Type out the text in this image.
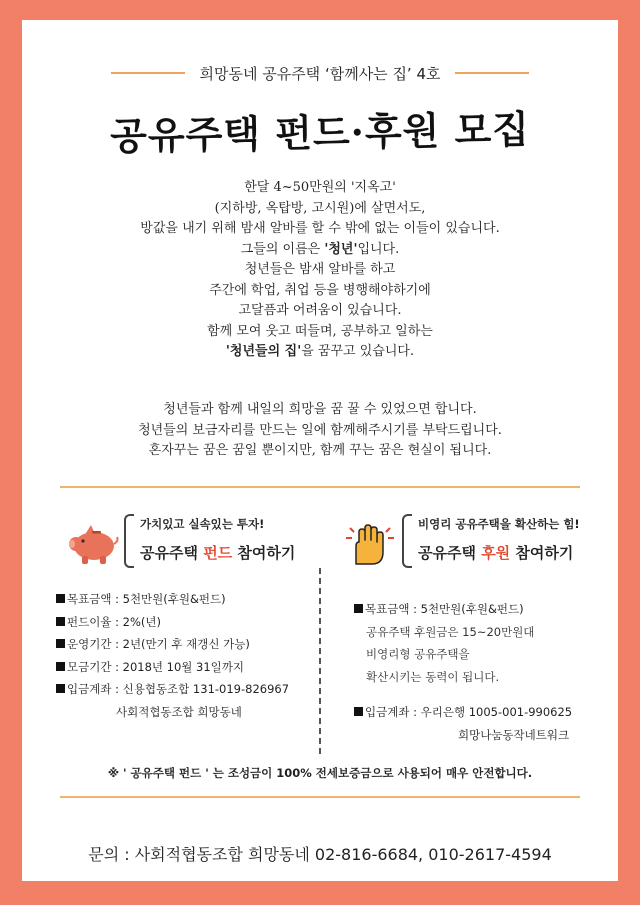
희망동네 공유주택 ‘함께사는 집’ 4호
공유주택 펀드·후원 모집

한달 4~50만원의 '지옥고'

(지하방, 옥탑방, 고시원)에 살면서도,

방값을 내기 위해 밤새 알바를 할 수 밖에 없는 이들이 있습니다.

그들의 이름은 '청년'입니다.

청년들은 밤새 알바를 하고

주간에 학업, 취업 등을 병행해야하기에

고달픔과 어려움이 있습니다.

함께 모여 웃고 떠들며, 공부하고 일하는

'청년들의 집'을 꿈꾸고 있습니다.

청년들과 함께 내일의 희망을 꿈 꿀 수 있었으면 합니다.

청년들의 보금자리를 만드는 일에 함께해주시기를 부탁드립니다.

혼자꾸는 꿈은 꿈일 뿐이지만, 함께 꾸는 꿈은 현실이 됩니다.

가치있고 실속있는 투자!
공유주택 펀드 참여하기
비영리 공유주택을 확산하는 힘!
공유주택 후원 참여하기
목표금액 : 5천만원(후원&펀드)
펀드이율 : 2%(년)
운영기간 : 2년(만기 후 재갱신 가능)
모금기간 : 2018년 10월 31일까지
입금계좌 : 신용협동조합 131-019-826967
사회적협동조합 희망동네
목표금액 : 5천만원(후원&펀드)
공유주택 후원금은 15~20만원대
비영리형 공유주택을
확산시키는 동력이 됩니다.
입금계좌 : 우리은행 1005-001-990625
희망나눔동작네트워크
※ ' 공유주택 펀드 ' 는 조성금이 100% 전세보증금으로 사용되어 매우 안전합니다.
문의 : 사회적협동조합 희망동네 02-816-6684, 010-2617-4594
